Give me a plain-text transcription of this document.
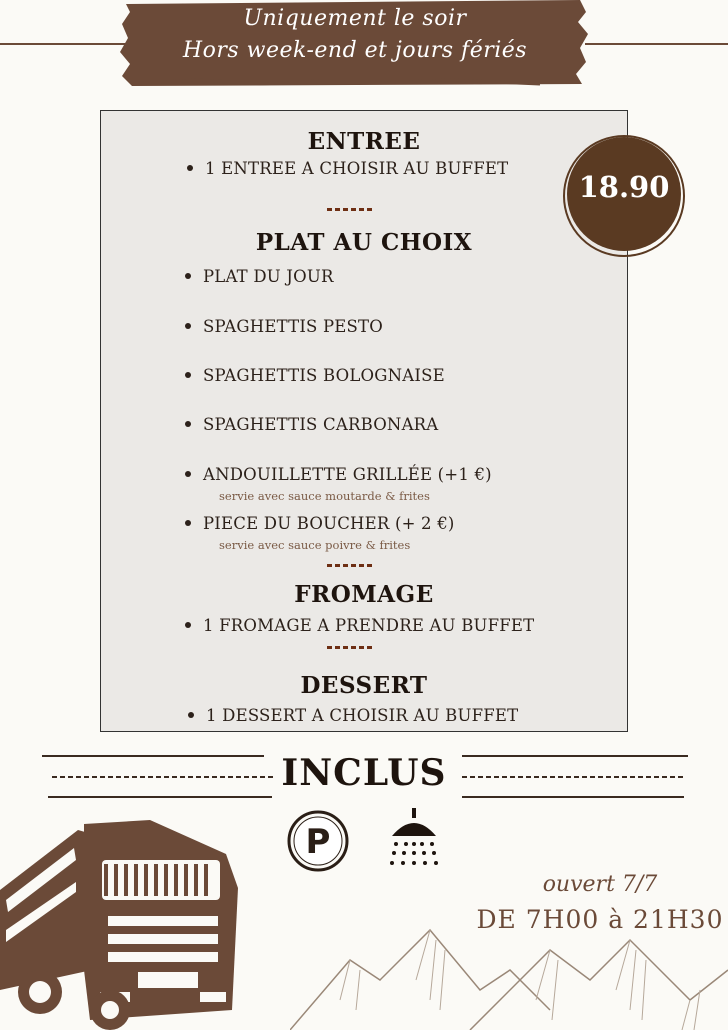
Uniquement le soir
Hors week-end et jours fériés
ENTREE
1 ENTREE A CHOISIR AU BUFFET
PLAT AU CHOIX
PLAT DU JOUR
SPAGHETTIS PESTO
SPAGHETTIS BOLOGNAISE
SPAGHETTIS CARBONARA
ANDOUILLETTE GRILLÉE (+1 €)
servie avec sauce moutarde & frites
PIECE DU BOUCHER (+ 2 €)
servie avec sauce poivre & frites
FROMAGE
1 FROMAGE A PRENDRE AU BUFFET
DESSERT
1 DESSERT A CHOISIR AU BUFFET
18.90
INCLUS
P
ouvert 7/7
DE 7H00 à 21H30
